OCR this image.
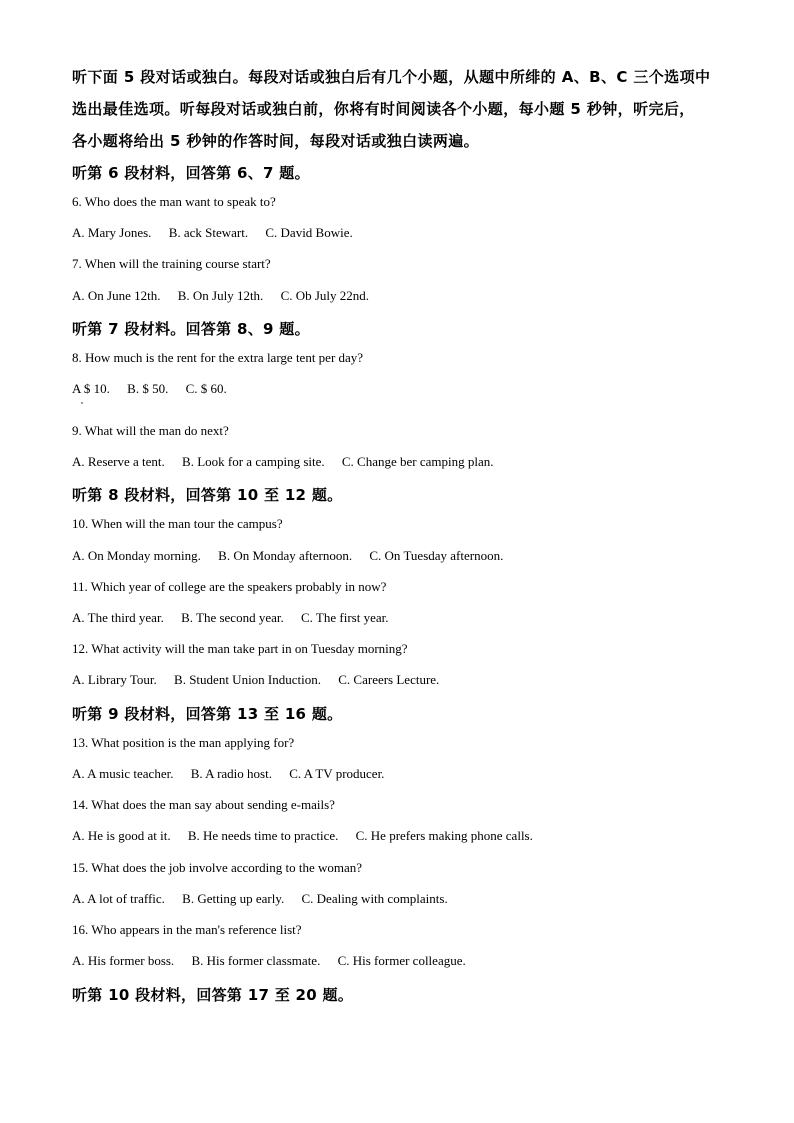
听下面 5 段对话或独白。每段对话或独白后有几个小题，从题中所绯的 A、B、C 三个选项中
选出最佳选项。听每段对话或独白前，你将有时间阅读各个小题，每小题 5 秒钟，听完后，
各小题将给出 5 秒钟的作答时间，每段对话或独白读两遍。
听第 6 段材料，回答第 6、7 题。
6. Who does the man want to speak to?
A. Mary Jones. B. ack Stewart. C. David Bowie.
7. When will the training course start?
A. On June 12th. B. On July 12th. C. Ob July 22nd.
听第 7 段材料。回答第 8、9 题。
8. How much is the rent for the extra large tent per day?
A $ 10. B. $ 50. C. $ 60.
9. What will the man do next?
A. Reserve a tent. B. Look for a camping site. C. Change ber camping plan.
听第 8 段材料，回答第 10 至 12 题。
10. When will the man tour the campus?
A. On Monday morning. B. On Monday afternoon. C. On Tuesday afternoon.
11. Which year of college are the speakers probably in now?
A. The third year. B. The second year. C. The first year.
12. What activity will the man take part in on Tuesday morning?
A. Library Tour. B. Student Union Induction. C. Careers Lecture.
听第 9 段材料，回答第 13 至 16 题。
13. What position is the man applying for?
A. A music teacher. B. A radio host. C. A TV producer.
14. What does the man say about sending e-mails?
A. He is good at it. B. He needs time to practice. C. He prefers making phone calls.
15. What does the job involve according to the woman?
A. A lot of traffic. B. Getting up early. C. Dealing with complaints.
16. Who appears in the man's reference list?
A. His former boss. B. His former classmate. C. His former colleague.
听第 10 段材料，回答第 17 至 20 题。
